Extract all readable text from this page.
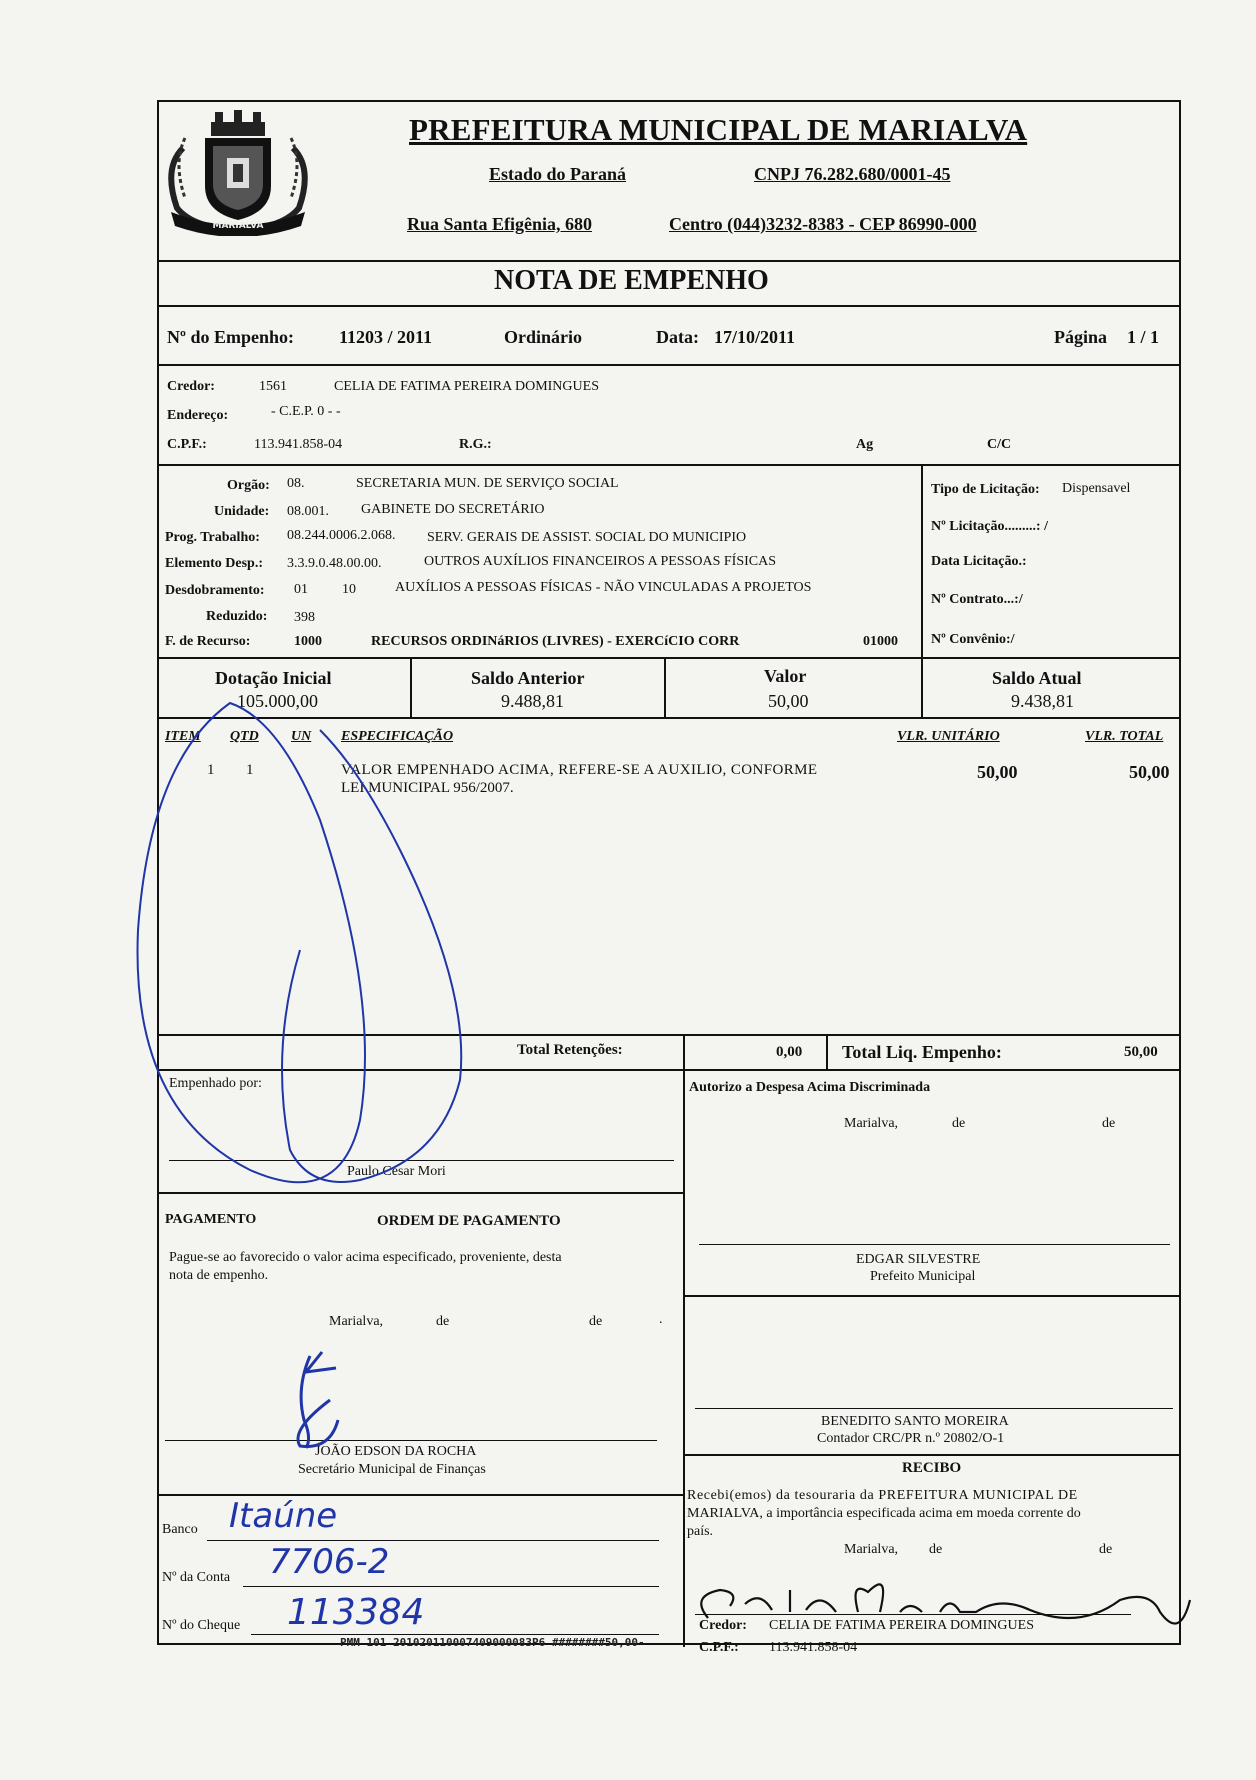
MARIALVA
PREFEITURA MUNICIPAL DE MARIALVA
Estado do Paraná	CNPJ 76.282.680/0001-45
Rua Santa Efigênia, 680	Centro (044)3232-8383 - CEP 86990-000
NOTA DE EMPENHO
Nº do Empenho:	11203 / 2011	Ordinário	Data: 17/10/2011	Página 1 / 1
Credor:	1561	CELIA DE FATIMA PEREIRA DOMINGUES
Endereço:	- C.E.P. 0 - -
C.P.F.:	113.941.858-04	R.G.:	Ag	C/C
Orgão: 08.	SECRETARIA MUN. DE SERVIÇO SOCIAL
Unidade: 08.001. GABINETE DO SECRETÁRIO
Prog. Trabalho: 08.244.0006.2.068. SERV. GERAIS DE ASSIST. SOCIAL DO MUNICIPIO
Elemento Desp.: 3.3.9.0.48.00.00.	OUTROS AUXÍLIOS FINANCEIROS A PESSOAS FÍSICAS
Desdobramento: 01 10	AUXÍLIOS A PESSOAS FÍSICAS - NÃO VINCULADAS A PROJETOS
Reduzido: 398
F. de Recurso:	1000	RECURSOS ORDINáRIOS (LIVRES) - EXERCíCIO CORR	01000
Tipo de Licitação: Dispensavel
Nº Licitação.........: /
Data Licitação.:
Nº Contrato...:/
Nº Convênio:/
Dotação Inicial
105.000,00
Saldo Anterior
9.488,81
Valor
50,00
Saldo Atual
9.438,81
ITEM QTD UN ESPECIFICAÇÃO	VLR. UNITÁRIO	VLR. TOTAL
1 1	VALOR EMPENHADO ACIMA, REFERE-SE A AUXILIO, CONFORME
LEI MUNICIPAL 956/2007.
50,00	50,00
Total Retenções:	0,00 Total Liq. Empenho:	50,00
Empenhado por:
Paulo César Mori
Autorizo a Despesa Acima Discriminada
Marialva,	de	de
EDGAR SILVESTRE
Prefeito Municipal
BENEDITO SANTO MOREIRA
Contador CRC/PR n.º 20802/O-1
PAGAMENTO	ORDEM DE PAGAMENTO
Pague-se ao favorecido o valor acima especificado, proveniente, desta
nota de empenho.
Marialva,	de	de	.
JOÃO EDSON DA ROCHA
Secretário Municipal de Finanças
Banco Itaúne
Nº da Conta 7706-2
Nº do Cheque 113384
RECIBO
Recebi(emos) da tesouraria da PREFEITURA MUNICIPAL DE
MARIALVA, a importância especificada acima em moeda corrente do
país.
Marialva, de	de
Credor: CELIA DE FATIMA PEREIRA DOMINGUES
C.P.F.: 113.941.858-04
PMM 101 201020110007409000083P6 ########50,00-
Celia de Fatima P. Domingues
